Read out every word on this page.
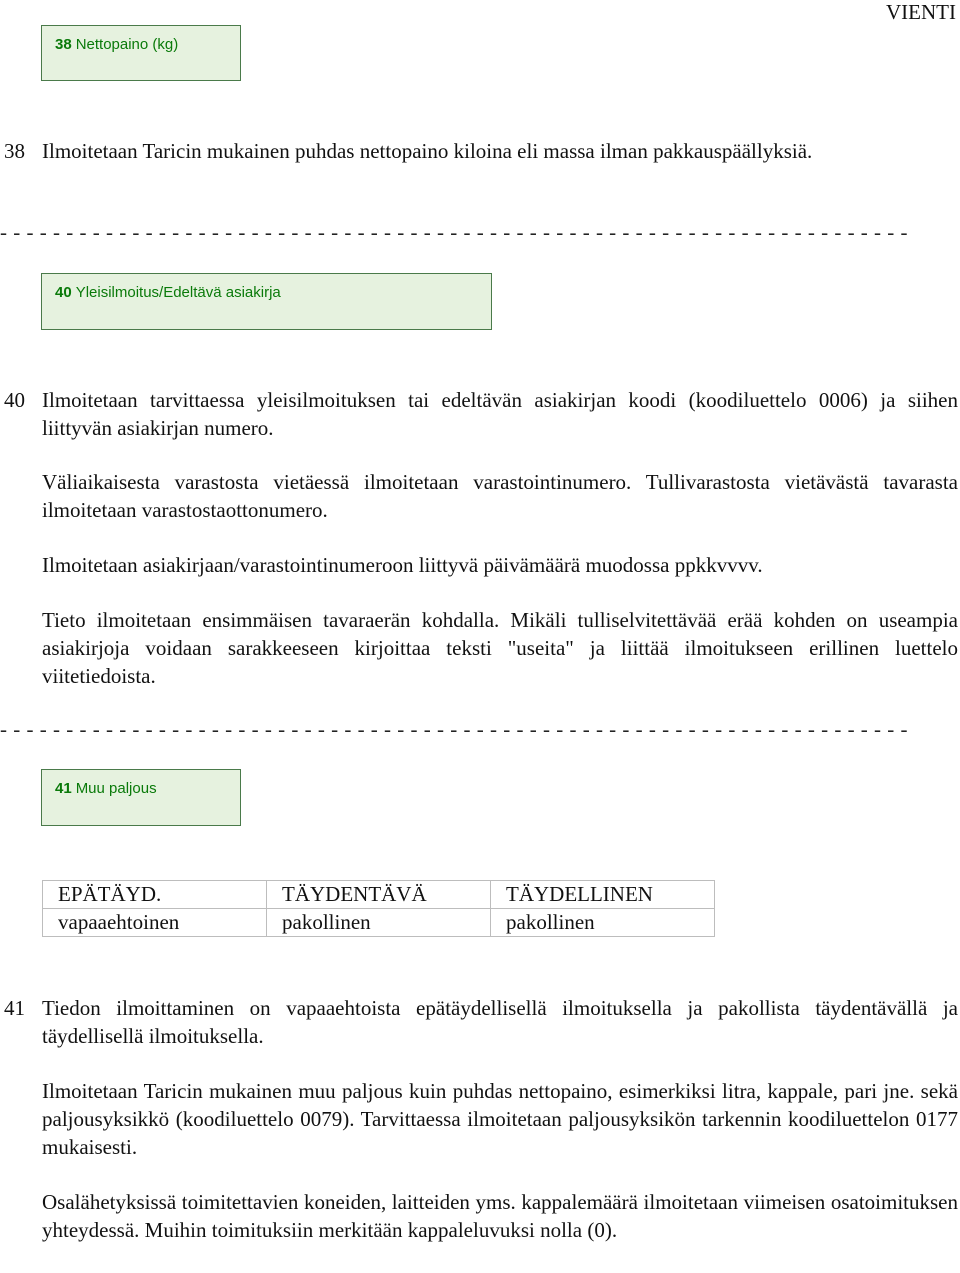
VIENTI
38 Nettopaino (kg)
38 Ilmoitetaan Taricin mukainen puhdas nettopaino kiloina eli massa ilman pakkauspäällyksiä.
- - - - - - - - - - - - - - - - - - - - - - - - - - - - - - - - - - - - - - - - - - - - - - - - - - - - - - - - - - - - - - - - - - - - -
40 Yleisilmoitus/Edeltävä asiakirja
40 Ilmoitetaan tarvittaessa yleisilmoituksen tai edeltävän asiakirjan koodi (koodiluettelo 0006) ja siihen liittyvän asiakirjan numero.
Väliaikaisesta varastosta vietäessä ilmoitetaan varastointinumero. Tullivarastosta vietävästä tavarasta ilmoitetaan varastostaottonumero.
Ilmoitetaan asiakirjaan/varastointinumeroon liittyvä päivämäärä muodossa ppkkvvvv.
Tieto ilmoitetaan ensimmäisen tavaraerän kohdalla. Mikäli tulliselvitettävää erää kohden on useampia asiakirjoja voidaan sarakkeeseen kirjoittaa teksti "useita" ja liittää ilmoitukseen erillinen luettelo viitetiedoista.
- - - - - - - - - - - - - - - - - - - - - - - - - - - - - - - - - - - - - - - - - - - - - - - - - - - - - - - - - - - - - - - - - - - - -
41 Muu paljous
EPÄTÄYD.	TÄYDENTÄVÄ	TÄYDELLINEN
vapaaehtoinen	pakollinen	pakollinen
41 Tiedon ilmoittaminen on vapaaehtoista epätäydellisellä ilmoituksella ja pakollista täydentävällä ja täydellisellä ilmoituksella.
Ilmoitetaan Taricin mukainen muu paljous kuin puhdas nettopaino, esimerkiksi litra, kappale, pari jne. sekä paljousyksikkö (koodiluettelo 0079). Tarvittaessa ilmoitetaan paljousyksikön tarkennin koodiluettelon 0177 mukaisesti.
Osalähetyksissä toimitettavien koneiden, laitteiden yms. kappalemäärä ilmoitetaan viimeisen osatoimituksen yhteydessä. Muihin toimituksiin merkitään kappaleluvuksi nolla (0).
